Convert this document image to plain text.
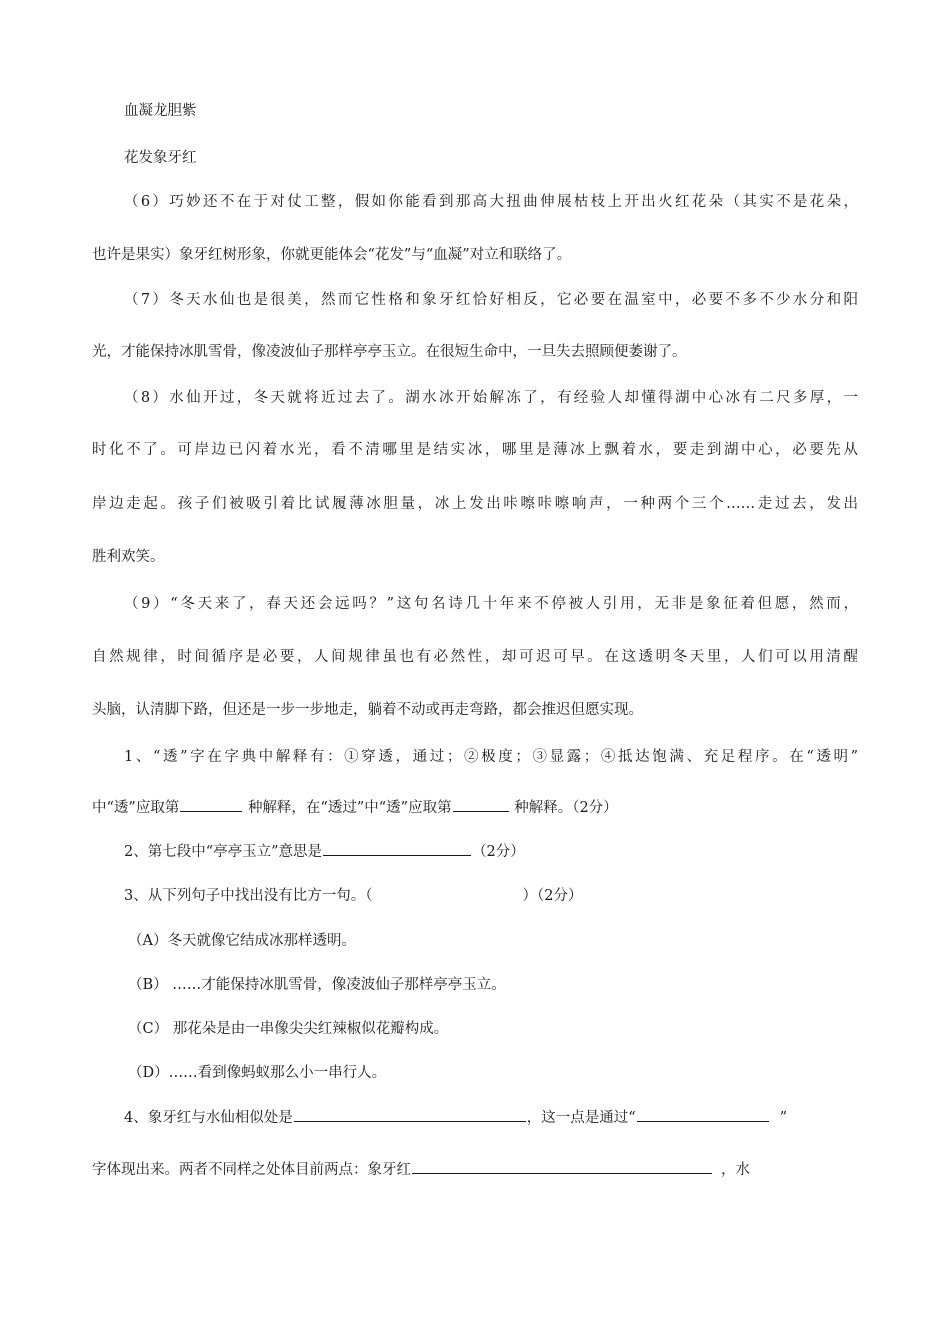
血凝龙胆紫
花发象牙红
（6）巧妙还不在于对仗工整，假如你能看到那高大扭曲伸展枯枝上开出火红花朵（其实不是花朵，
也许是果实）象牙红树形象，你就更能体会“花发”与“血凝”对立和联络了。
（7）冬天水仙也是很美，然而它性格和象牙红恰好相反，它必要在温室中，必要不多不少水分和阳
光，才能保持冰肌雪骨，像凌波仙子那样亭亭玉立。在很短生命中，一旦失去照顾便萎谢了。
（8）水仙开过，冬天就将近过去了。湖水冰开始解冻了，有经验人却懂得湖中心冰有二尺多厚，一
时化不了。可岸边已闪着水光，看不清哪里是结实冰，哪里是薄冰上飘着水，要走到湖中心，必要先从
岸边走起。孩子们被吸引着比试履薄冰胆量，冰上发出咔嚓咔嚓响声，一种两个三个……走过去，发出
胜利欢笑。
（9）“冬天来了，春天还会远吗？”这句名诗几十年来不停被人引用，无非是象征着但愿，然而，
自然规律，时间循序是必要，人间规律虽也有必然性，却可迟可早。在这透明冬天里，人们可以用清醒
头脑，认清脚下路，但还是一步一步地走，躺着不动或再走弯路，都会推迟但愿实现。
1、“透”字在字典中解释有：①穿透，通过；②极度；③显露；④抵达饱满、充足程序。在“透明”
中“透”应取第	种解释，在“透过”中“透”应取第	种解释。（2分）
2、第七段中“亭亭玉立”意思是	（2分）
3、从下列句子中找出没有比方一句。（	）（2分）
（A）冬天就像它结成冰那样透明。
（B） ……才能保持冰肌雪骨，像凌波仙子那样亭亭玉立。
（C） 那花朵是由一串像尖尖红辣椒似花瓣构成。
（D）……看到像蚂蚁那么小一串行人。
4、象牙红与水仙相似处是	，这一点是通过“	”
字体现出来。两者不同样之处体目前两点：象牙红	，水
